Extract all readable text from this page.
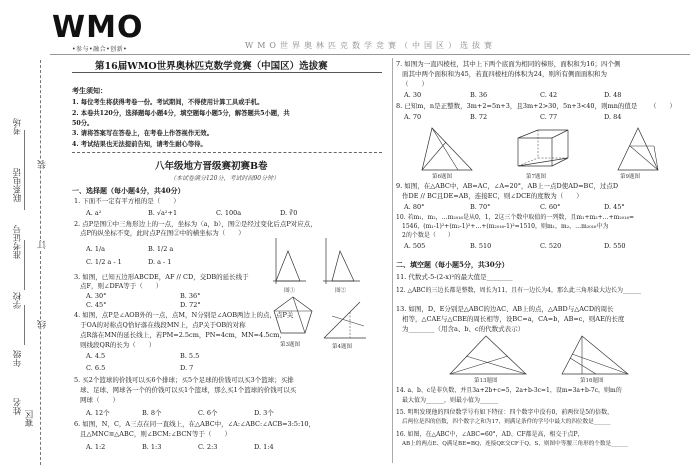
WMO
•参与•融合•创新•	WMO世界奥林匹克数学竞赛（中国区）选拔赛
考场
联系电话
准考证号
学校
年级
姓名
赛区
装
订
线
第16届WMO世界奥林匹克数学竞赛（中国区）选拔赛
考生须知：
1. 每位考生将获得考卷一份。考试期间，不得使用计算工具或手机。
2. 本卷共120分，选择题每小题4分，填空题每小题5分，解答题共5小题，共
50分。
3. 请将答案写在答卷上，在考卷上作答视作无效。
4. 考试结果也无法提前告知，请考生耐心等待。
八年级地方晋级赛初赛B卷
（本试卷满分120分，考试时间90分钟）
一、选择题（每小题4分，共40分）
1. 下面不一定有平方根的是（　　）
A. a²	B. √a²+1	C. 100a	D. ∛0
2. 点P是图①中三角形边上的一点，坐标为（a，b），图②是经过变化后点P对应点，
点P的纵坐标不变，此时点P在图②中的横坐标为（　　）
A. 1/a	B. 1/2 a
C. 1/2 a - 1	D. a - 1
图①	图②
3. 如图，已知五边形ABCDE，AF // CD，交DB的延长线于
点F，则∠DFA等于（　　）
A. 30°	B. 36°
C. 45°	D. 72°
4. 如图，点P是∠AOB外的一点，点M，N分别是∠AOB两边上的点，点P关
于OA的对称点Q恰好落在线段MN上，点P关于OB的对称
点R落在MN的延长线上，若PM=2.5cm，PN=4cm，MN=4.5cm，
则线段QR的长为（　　）
A. 4.5	B. 5.5
C. 6.5	D. 7
第3题图	第4题图
5. 买2个篮球的价钱可以买6个排球；买5个足球的价钱可以买3个篮球；买排
球、足球、网球各一个的价钱可以买1个篮球，那么买1个篮球的价钱可以买
网球（　　）
A. 12个	B. 8个	C. 6个	D. 3个
6. 如图，N，C，A三点在同一直线上，在△ABC中，∠A:∠ABC:∠ACB=3:5:10，
且△MNC≌△ABC，则∠BCM:∠BCN等于（　　）
A. 1:2	B. 1:3	C. 2:3	D. 1:4
7. 如图为一直四棱柱，其中上下两个底面为相同的梯形，面积和为16；四个侧
面其中两个面积和为45，若直四棱柱的体积为24，则所有侧面面积和为
（　　）
A. 30	B. 36	C. 42	D. 48
8. 已知m，n是正整数，3m+2=5n+3，且3m+2>30，5n+3<40，则mn的值是 （　　）
A. 70	B. 72	C. 77	D. 84
第6题图	第7题图	第9题图
9. 如图，在△ABC中，AB=AC，∠A=20°，AB上一点D使AD=BC，过点D
作DE // BC且DE=AB，连接EC，则∠DCE的度数为（　　）
A. 80°	B. 70°	C. 60°	D. 45°
10. 若m₁，m₂，…m₂₀₁₆是从0，1，2这三个数中取值的一列数，且m₁+m₂+…+m₂₀₁₆=
1546，(m₁-1)²+(m₂-1)²+…+(m₂₀₁₆-1)²=1510，则m₁，m₂，…m₂₀₁₆中为
2的个数是（　　）
A. 505	B. 510	C. 520	D. 550
二、填空题（每小题5分，共30分）
11. 代数式-5-(2-x)²的最大值是________
12. △ABC的三边长都是整数，周长为11，且有一边长为4，那么此三角形最大边长为______
13. 如图，D、E分别是△ABC的边AC、AB上的点，△ABD与△ACD的周长
相等，△CAE与△CBE的周长相等，设BC=a，CA=b，AB=c，则AE的长度
为________（用含a、b、c的代数式表示）
第13题图	第16题图
14. a、b、c是非负数，并且3a+2b+c=5，2a+b-3c=1，设m=3a+b-7c，则m的
最大值为______，则最小值为______
15. 明明发现他的四位数学号有如下特征：四个数字中没有0，前两位是5的倍数，
后两位是四的倍数，四个数字之和为17，则满足条件的学号中最大的四位数是______
16. 如图，在△ABC中，∠ABC=60°，AD、CF都是高，相交于点P，
AB上的两点E、Q满足BE=BQ，连接QE交CF于Q，S，则图中等腰三角形的个数是______
